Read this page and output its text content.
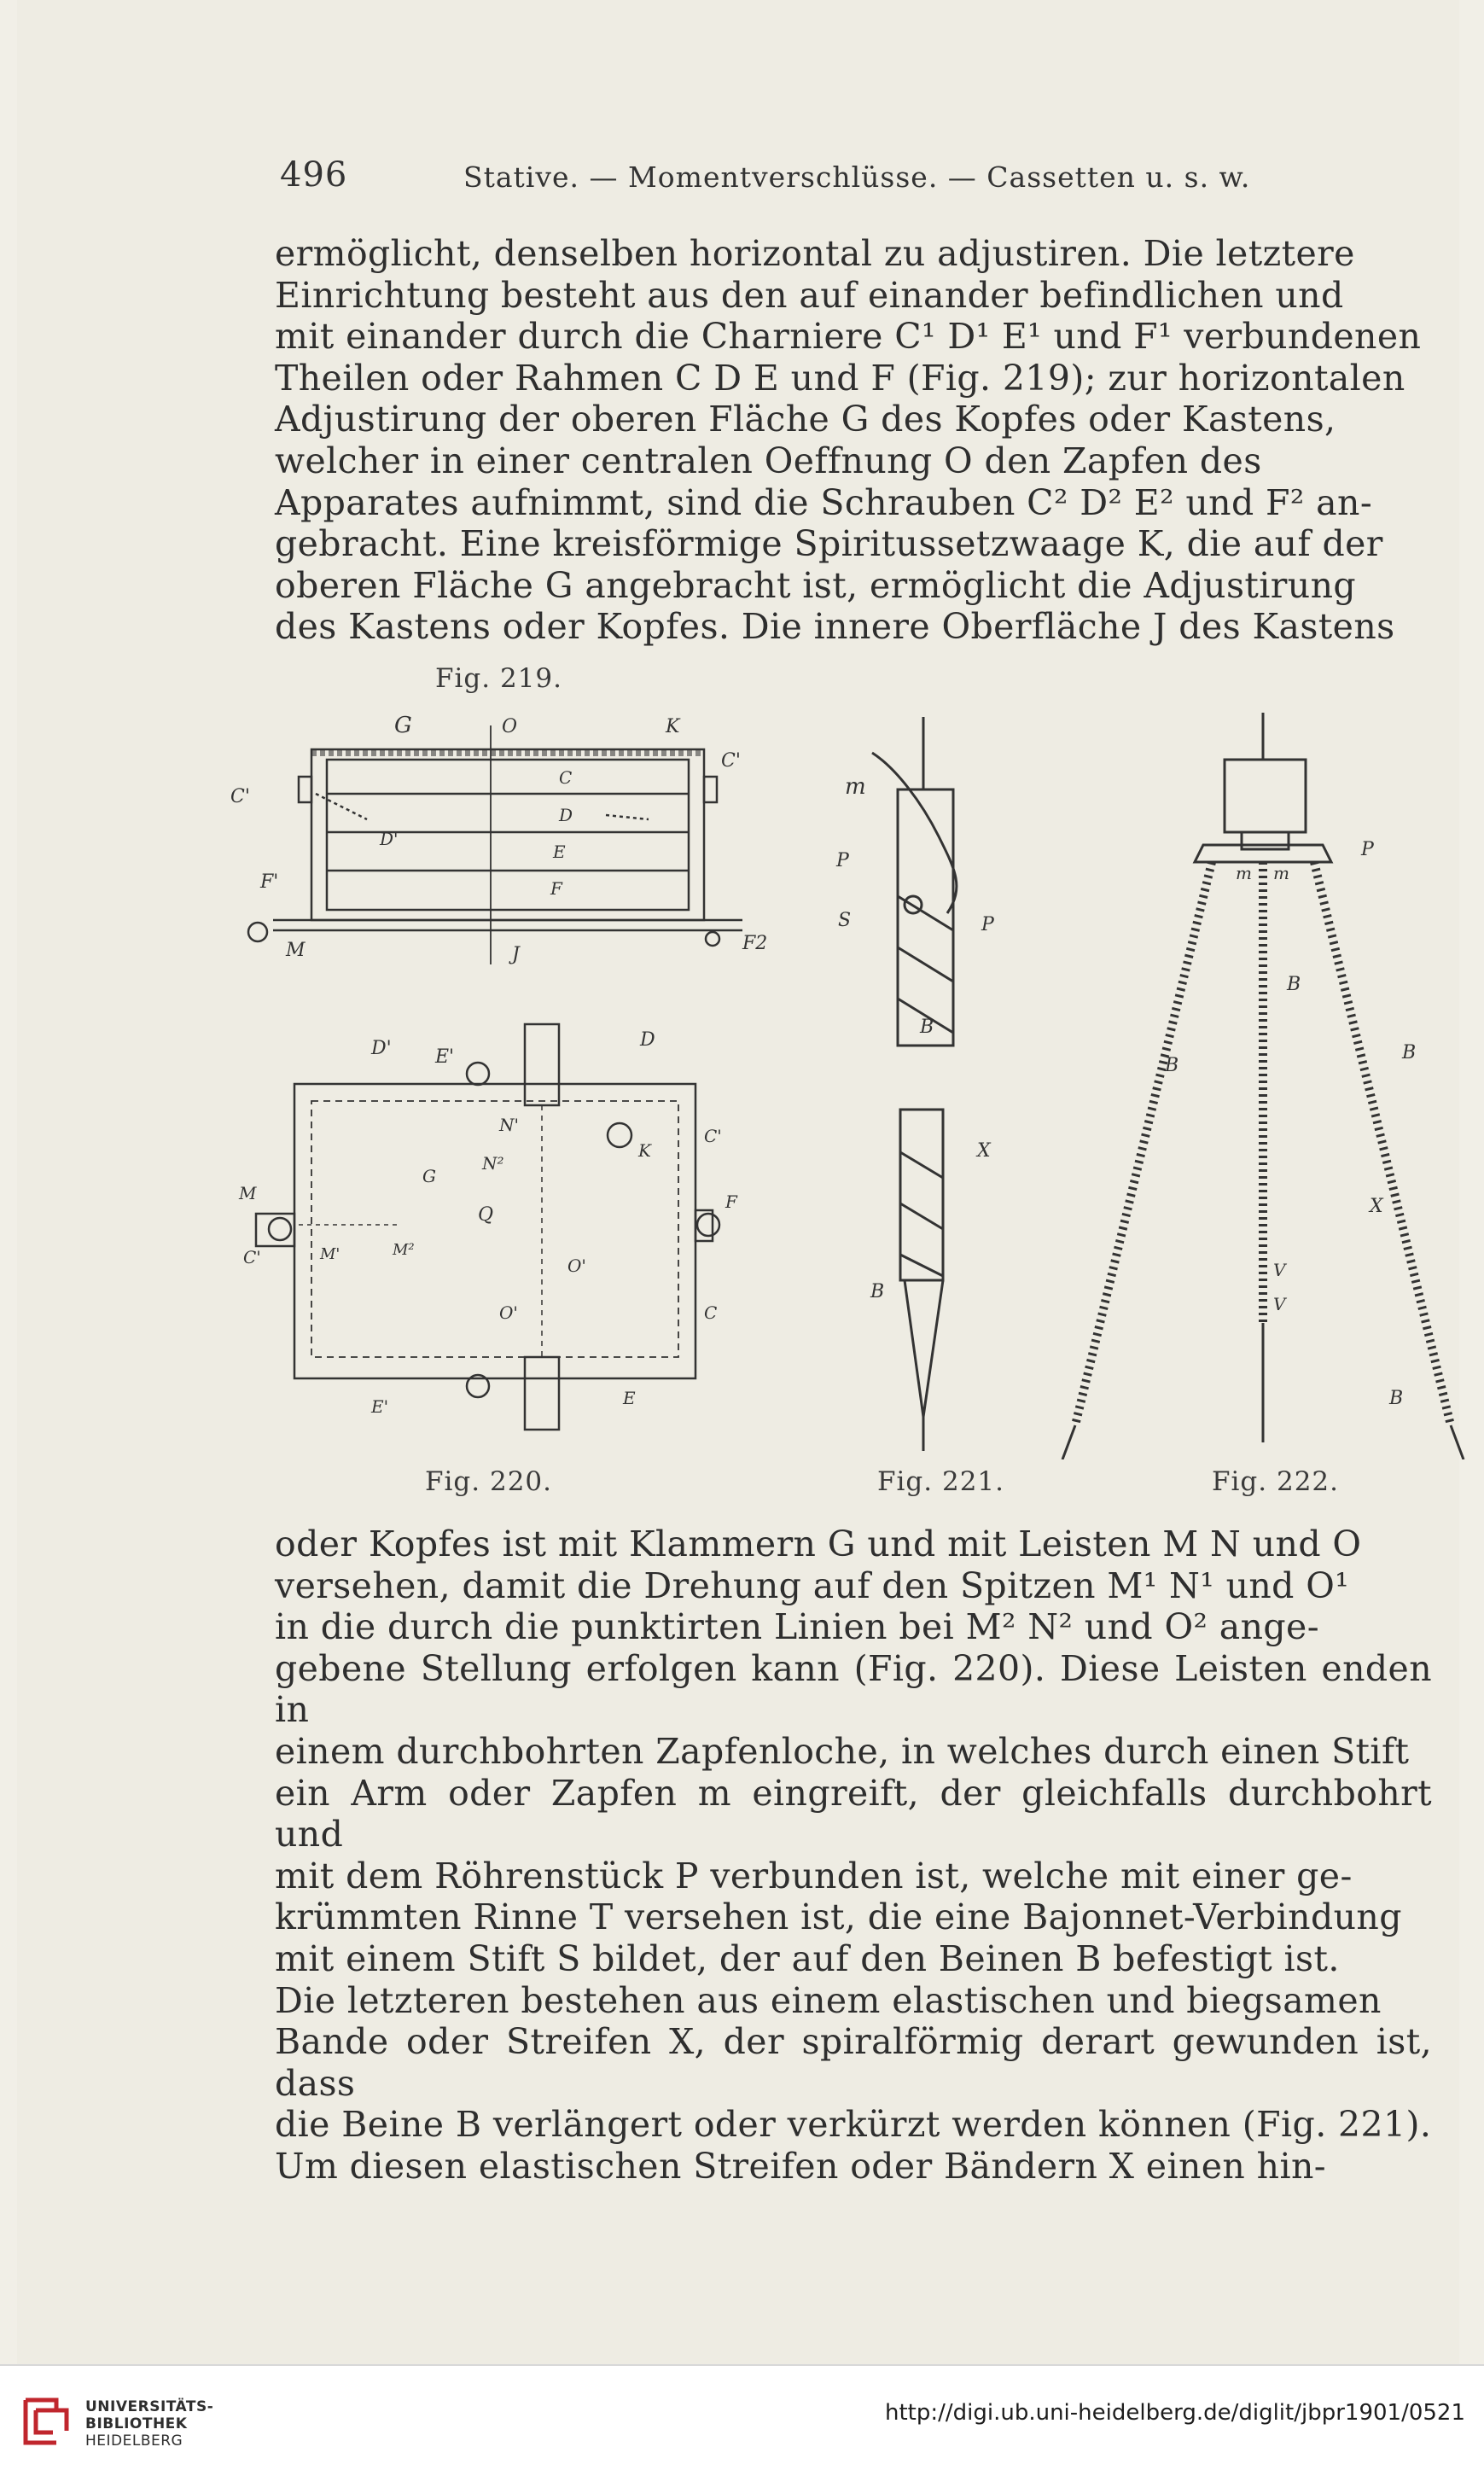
496	Stative. — Momentverschlüsse. — Cassetten u. s. w.
ermöglicht, denselben horizontal zu adjustiren. Die letztere
Einrichtung besteht aus den auf einander befindlichen und
mit einander durch die Charniere C¹ D¹ E¹ und F¹ verbundenen
Theilen oder Rahmen C D E und F (Fig. 219); zur horizontalen
Adjustirung der oberen Fläche G des Kopfes oder Kastens,
welcher in einer centralen Oeffnung O den Zapfen des
Apparates aufnimmt, sind die Schrauben C² D² E² und F² an-
gebracht. Eine kreisförmige Spiritussetzwaage K, die auf der
oberen Fläche G angebracht ist, ermöglicht die Adjustirung
des Kastens oder Kopfes. Die innere Oberfläche J des Kastens
Fig. 219.
G	O	K
C'
C
D
C'
D'
E
F'	F
F2
M	J
D' E'
D
N'
C'
K
N²
G
Q
M
C'	M'	M²
O'
O'	C
F
E'	E
m
P
S	P
B
X
B
m m
P
B
B
B
X
V
V
B
Fig. 220.	Fig. 221.	Fig. 222.
oder Kopfes ist mit Klammern G und mit Leisten M N und O
versehen, damit die Drehung auf den Spitzen M¹ N¹ und O¹
in die durch die punktirten Linien bei M² N² und O² ange-
gebene Stellung erfolgen kann (Fig. 220). Diese Leisten enden in
einem durchbohrten Zapfenloche, in welches durch einen Stift
ein Arm oder Zapfen m eingreift, der gleichfalls durchbohrt und
mit dem Röhrenstück P verbunden ist, welche mit einer ge-
krümmten Rinne T versehen ist, die eine Bajonnet-Verbindung
mit einem Stift S bildet, der auf den Beinen B befestigt ist.
Die letzteren bestehen aus einem elastischen und biegsamen
Bande oder Streifen X, der spiralförmig derart gewunden ist, dass
die Beine B verlängert oder verkürzt werden können (Fig. 221).
Um diesen elastischen Streifen oder Bändern X einen hin-
UNIVERSITÄTS-
BIBLIOTHEK
HEIDELBERG
http://digi.ub.uni-heidelberg.de/diglit/jbpr1901/0521
